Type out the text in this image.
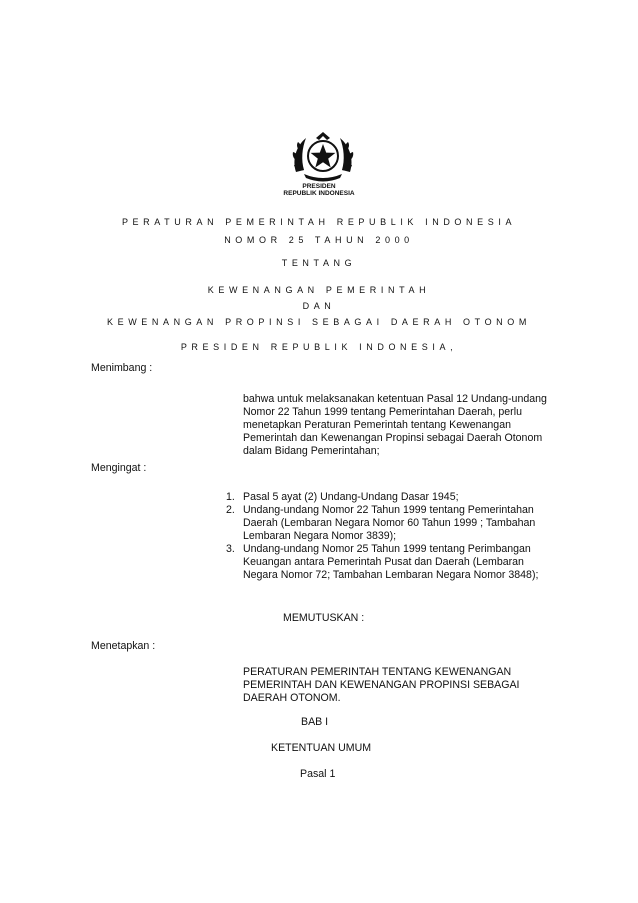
PRESIDEN
REPUBLIK INDONESIA
PERATURAN PEMERINTAH REPUBLIK INDONESIA
NOMOR 25 TAHUN 2000
TENTANG
KEWENANGAN PEMERINTAH
DAN
KEWENANGAN PROPINSI SEBAGAI DAERAH OTONOM
PRESIDEN REPUBLIK INDONESIA,
Menimbang :
bahwa untuk melaksanakan ketentuan Pasal 12 Undang-undang Nomor 22 Tahun 1999 tentang Pemerintahan Daerah, perlu menetapkan Peraturan Pemerintah tentang Kewenangan Pemerintah dan Kewenangan Propinsi sebagai Daerah Otonom dalam Bidang Pemerintahan;
Mengingat :
1. Pasal 5 ayat (2) Undang-Undang Dasar 1945;
2. Undang-undang Nomor 22 Tahun 1999 tentang Pemerintahan Daerah (Lembaran Negara Nomor 60 Tahun 1999 ; Tambahan Lembaran Negara Nomor 3839);
3. Undang-undang Nomor 25 Tahun 1999 tentang Perimbangan Keuangan antara Pemerintah Pusat dan Daerah (Lembaran Negara Nomor 72; Tambahan Lembaran Negara Nomor 3848);
MEMUTUSKAN :
Menetapkan :
PERATURAN PEMERINTAH TENTANG KEWENANGAN PEMERINTAH DAN KEWENANGAN PROPINSI SEBAGAI DAERAH OTONOM.
BAB I
KETENTUAN UMUM
Pasal 1
